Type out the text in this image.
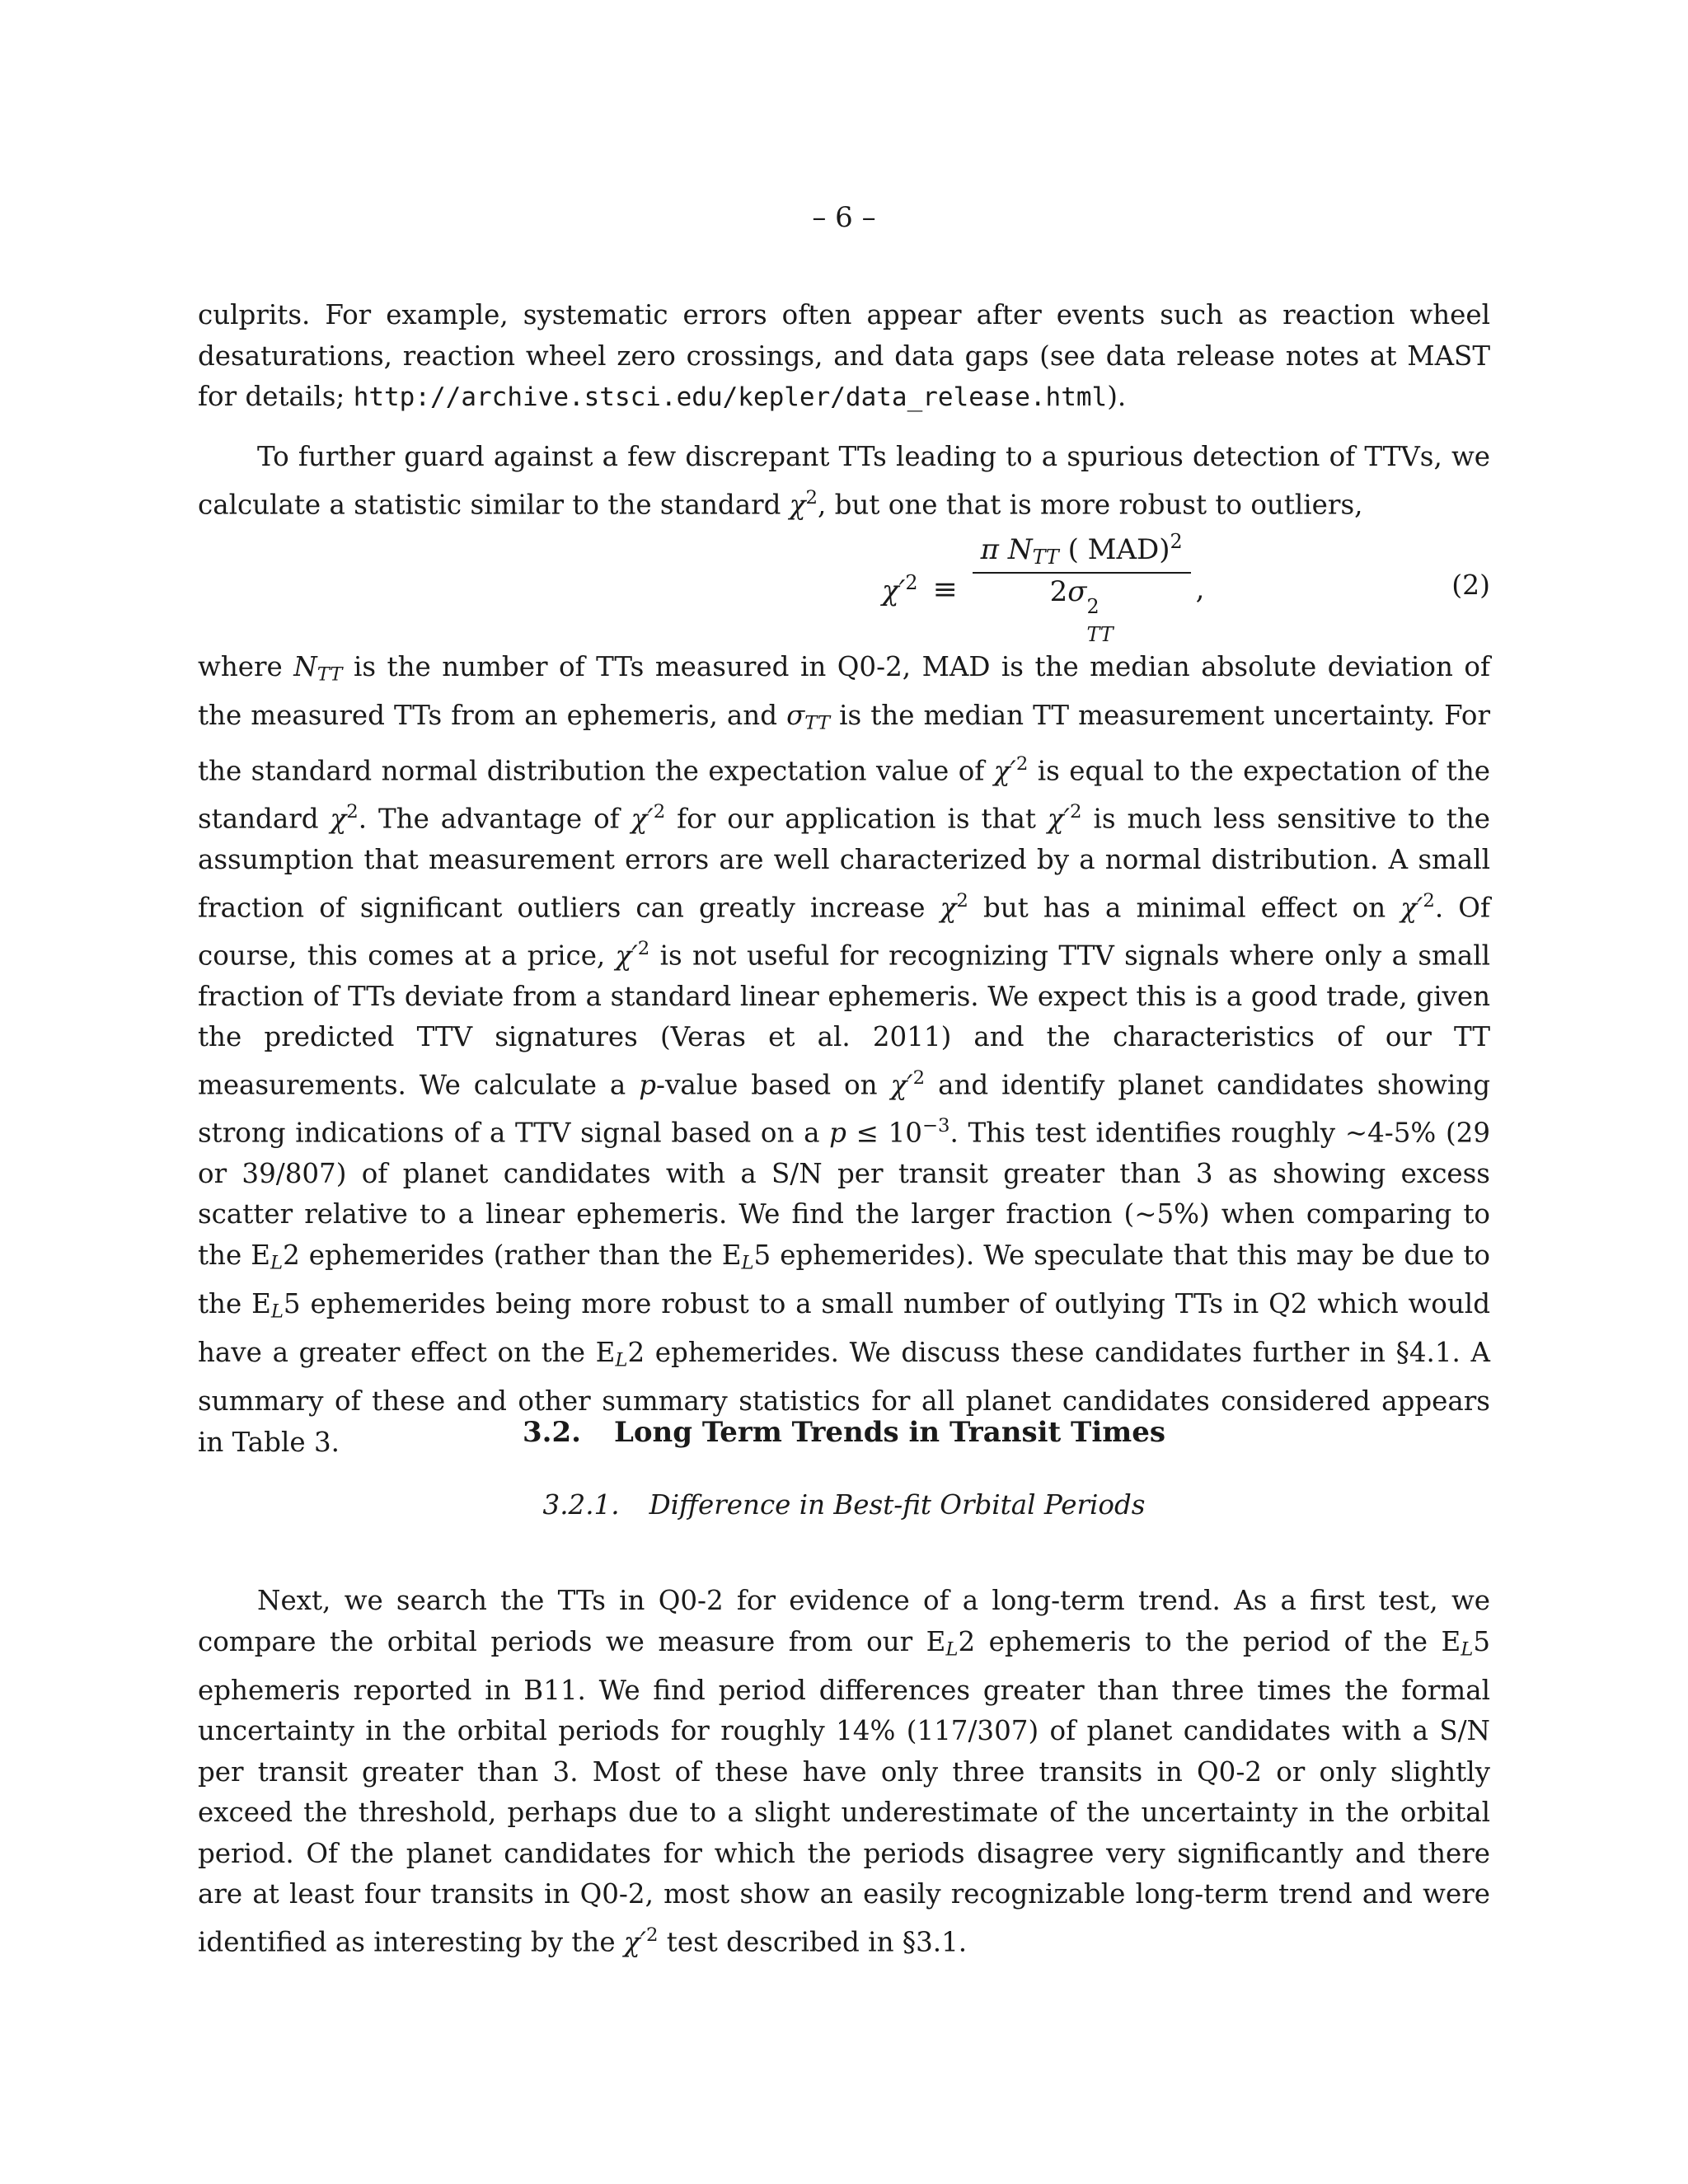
– 6 –

culprits. For example, systematic errors often appear after events such as reaction wheel desaturations, reaction wheel zero crossings, and data gaps (see data release notes at MAST for details; http://archive.stsci.edu/kepler/data_release.html).

To further guard against a few discrepant TTs leading to a spurious detection of TTVs, we calculate a statistic similar to the standard $\chi^2$, but one that is more robust to outliers,

$\chi'^2 \equiv \pi$ $N_{TT}$ ( MAD)$^2$
2σ 2
TT ,	(2)

where $N_{TT}$ is the number of TTs measured in Q0-2, MAD is the median absolute deviation of the measured TTs from an ephemeris, and $\sigma_{TT}$ is the median TT measurement uncertainty. For the standard normal distribution the expectation value of $\chi'^2$ is equal to the expectation of the standard $\chi^2$. The advantage of $\chi'^2$ for our application is that $\chi'^2$ is much less sensitive to the assumption that measurement errors are well characterized by a normal distribution. A small fraction of significant outliers can greatly increase $\chi^2$ but has a minimal effect on $\chi'^2$. Of course, this comes at a price, $\chi'^2$ is not useful for recognizing TTV signals where only a small fraction of TTs deviate from a standard linear ephemeris. We expect this is a good trade, given the predicted TTV signatures (Veras et al. 2011) and the characteristics of our TT measurements. We calculate a p-value based on $\chi'^2$ and identify planet candidates showing strong indications of a TTV signal based on a $p \le 10^{-3}$. This test identifies roughly ∼4-5% (29 or 39/807) of planet candidates with a S/N per transit greater than 3 as showing excess scatter relative to a linear ephemeris. We find the larger fraction (∼5%) when comparing to the $E_L2$ ephemerides (rather than the $E_L5$ ephemerides). We speculate that this may be due to the $E_L5$ ephemerides being more robust to a small number of outlying TTs in Q2 which would have a greater effect on the $E_L2$ ephemerides. We discuss these candidates further in §4.1. A summary of these and other summary statistics for all planet candidates considered appears in Table 3.	3.2. Long Term Trends in Transit Times
3.2.1. Difference in Best-fit Orbital Periods

Next, we search the TTs in Q0-2 for evidence of a long-term trend. As a first test, we compare the orbital periods we measure from our $E_L2$ ephemeris to the period of the $E_L5$ ephemeris reported in B11. We find period differences greater than three times the formal uncertainty in the orbital periods for roughly 14% (117/307) of planet candidates with a S/N per transit greater than 3. Most of these have only three transits in Q0-2 or only slightly exceed the threshold, perhaps due to a slight underestimate of the uncertainty in the orbital period. Of the planet candidates for which the periods disagree very significantly and there are at least four transits in Q0-2, most show an easily recognizable long-term trend and were identified as interesting by the $\chi'^2$ test described in §3.1.
